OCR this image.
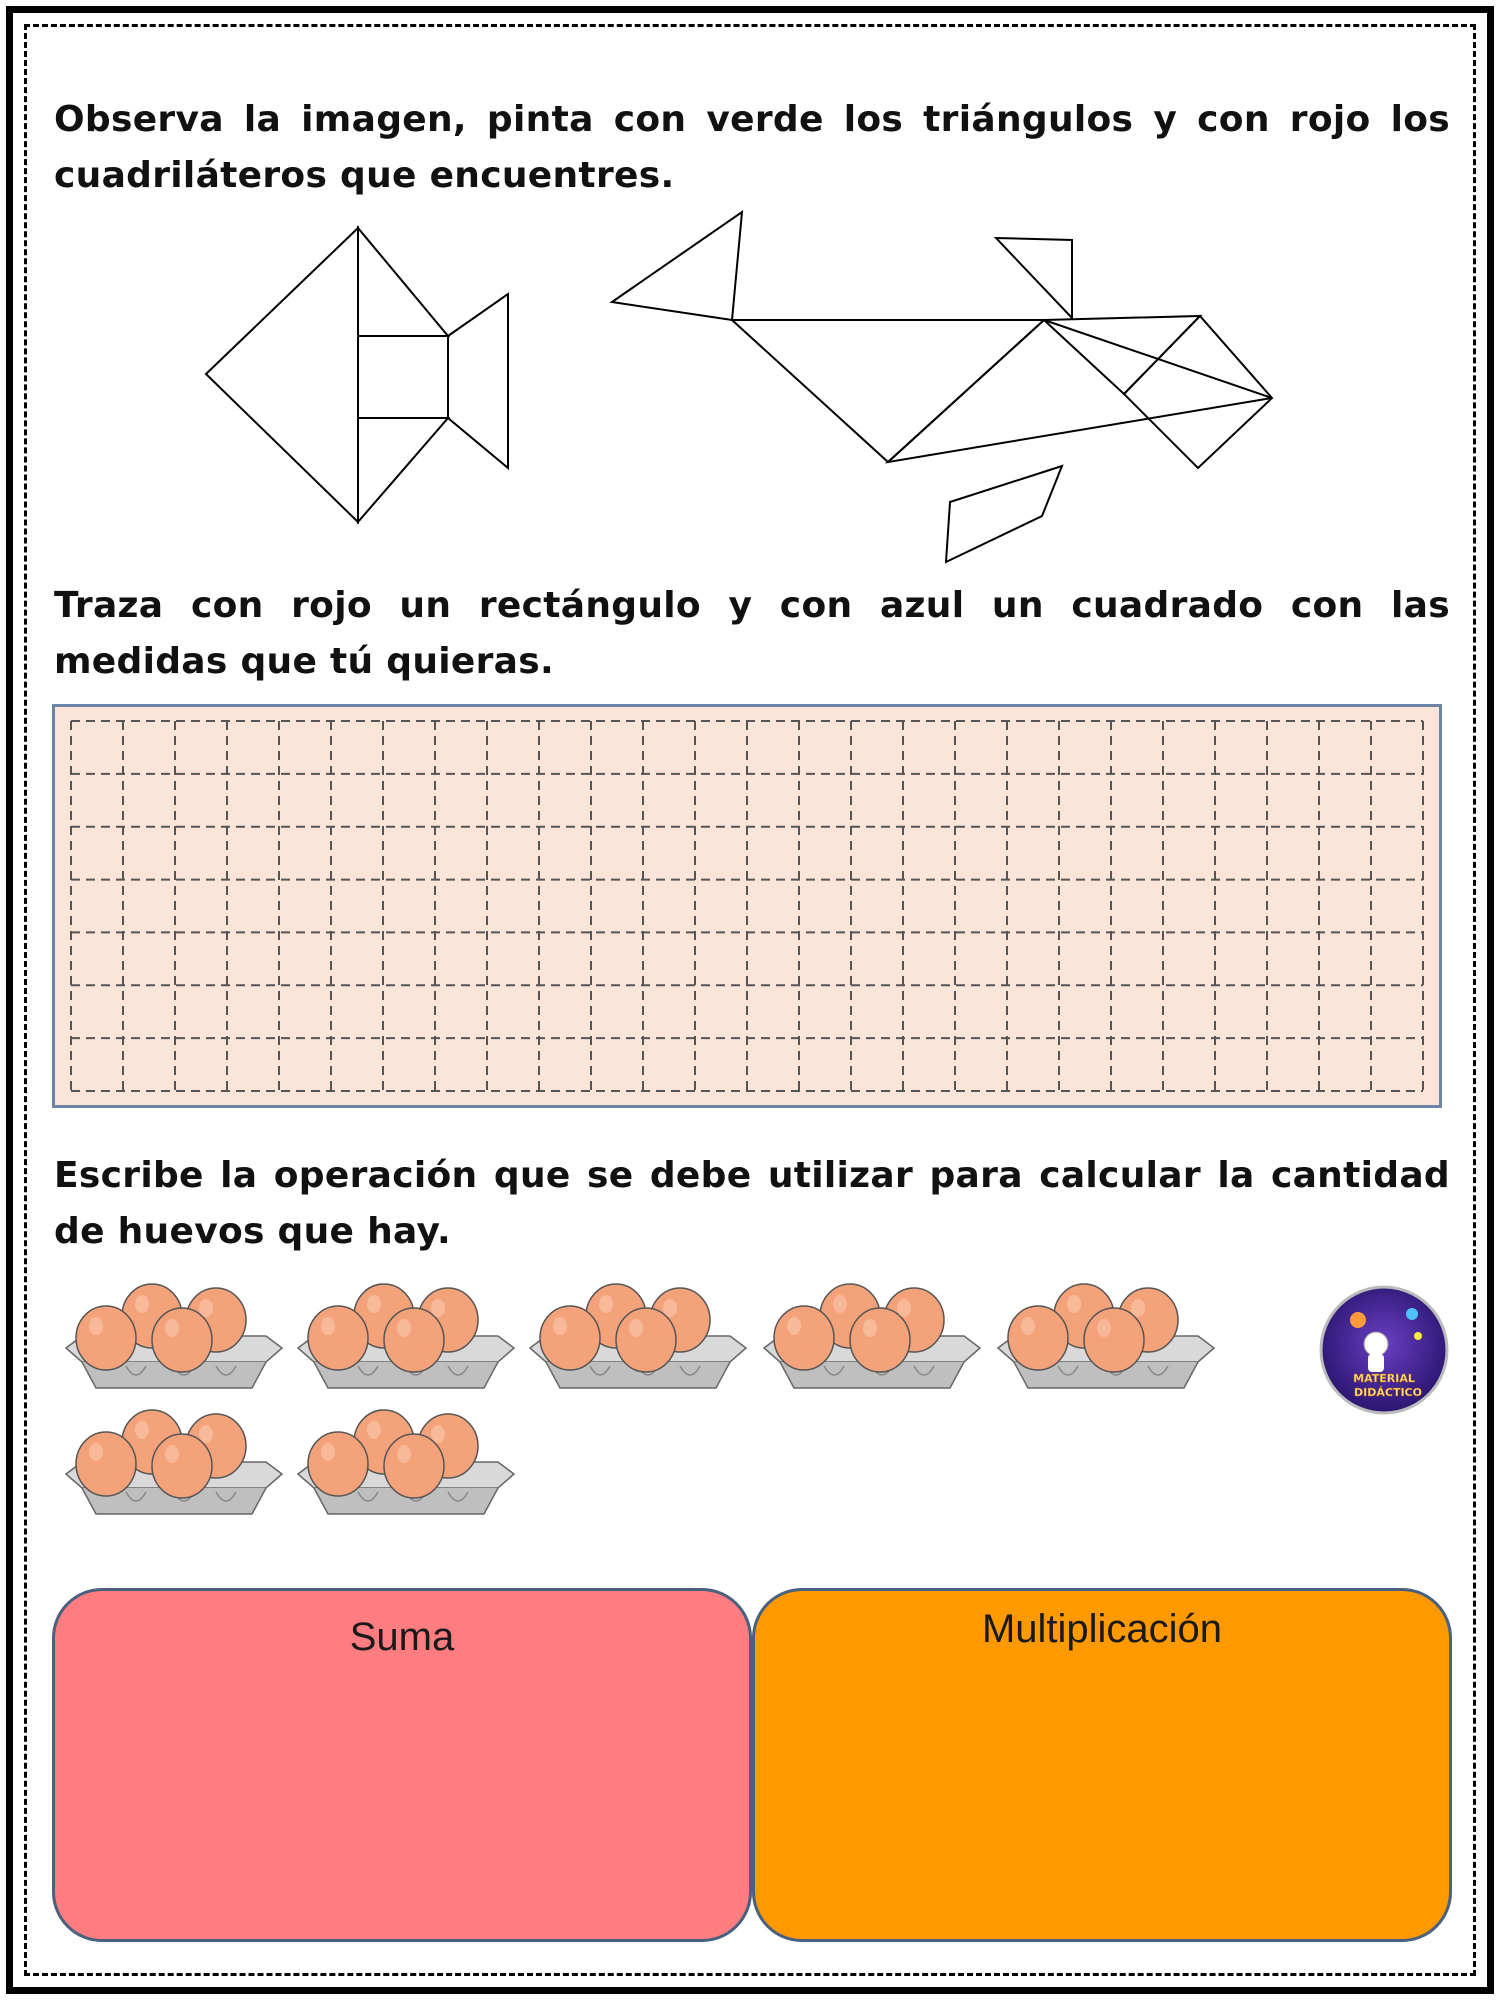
Observa la imagen, pinta con verde los triángulos y con rojo los cuadriláteros que encuentres.
Traza con rojo un rectángulo y con azul un cuadrado con las medidas que tú quieras.
Escribe la operación que se debe utilizar para calcular la cantidad de huevos que hay.
MATERIAL
DIDÁCTICO
Suma	Multiplicación
